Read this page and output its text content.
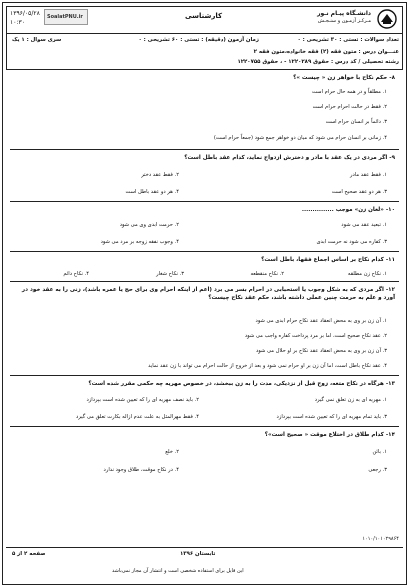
دانشـگاه پیـام نـور
مـرکـز آزمـون و سنـجـش
کارشناسی
۱۳۹۶/۰۵/۲۸
۱۰:۳۰
SoalatPNU.ir
تعداد سوالات : تستی : ۳۰ تشریحی : ۰
زمان آزمون (دقیقه) : تستی : ۶۰ تشریحی : ۰
سری سوال : ۱ یک
عنـــوان درس : متون فقه (۲) فقه خانواده،متون فقه ۲
رشته تحصیلی / کد درس : حقوق ۱۲۲۰۲۸۹ - ، حقوق ۱۲۲۰۷۵۵
۸- حکم نکاح با خواهر زن « چیست »؟
۱. مطلقاً و در همه حال حرام است
۲. فقط در حالت احرام حرام است
۳. دائماً بر انسان حرام است
۴. زمانی بر انسان حرام می شود که میان دو خواهر جمع شود (جمعاً حرام است)
۹- اگر مردی در یک عقد با مادر و دخترش ازدواج نماید، کدام عقد باطل است؟
۱. فقط عقد مادر
۲. فقط عقد دختر
۳. هر دو عقد صحیح است
۴. هر دو عقد باطل است
۱۰- «لعان زن» موجب ...............
۱. تبعید عقد می شود
۲. حرمت ابدی وی می شود
۳. کفاره می شود نه حرمت ابدی
۴. وجوب نفقه زوجه بر مرد می شود
۱۱- کدام نکاح بر اساس اجماع فقها، باطل است؟
۱. نکاح زن مطلقه
۲. نکاح منقطعه
۳. نکاح شغار
۴. نکاح دائم
۱۲- اگر مردی که به شکل وجوب یا استحبابی در احرام بسر می برد (اعم از اینکه احرام وی برای حج یا عمره باشد)، زنی را به عقد خود در آورد و علم به حرمت چنین عملی داشته باشد، حکم عقد نکاح چیست؟
۱. آن زن بر وی به محض انعقاد عقد نکاح حرام ابدی می شود
۲. عقد نکاح صحیح است، اما بر مرد پرداخت کفاره واجب می شود
۳. آن زن بر وی به محض انعقاد عقد نکاح بر او حلال می شود
۴. عقد نکاح باطل است، اما آن زن بر او حرام نمی شود و بعد از خروج از حالت احرام می تواند با زن عقد نماید
۱۳- هرگاه در نکاح متعه، زوج قبل از نزدیکی، مدت را به زن ببخشد، در خصوص مهریه چه حکمی مقرر شده است؟
۱. مهریه ای به زن تعلق نمی گیرد
۲. باید نصف مهریه ای را که تعیین شده است بپردازد
۳. باید تمام مهریه ای را که تعیین شده است بپردازد
۴. فقط مهرالمثل به علت عدم ازاله بکارت تعلق می گیرد
۱۴- کدام طلاق در اختلاع موقت « صحیح است»؟
۱. بائن
۲. خلع
۳. رجعی
۴. در نکاح موقت، طلاق وجود ندارد
۱۰۱۰/۱۰۱۰۲۹۸۶۴
صفحه ۲ از ۵	تابستان ۱۳۹۶
این فایل برای استفاده شخصی است و انتشار آن مجاز نمی‌باشد
